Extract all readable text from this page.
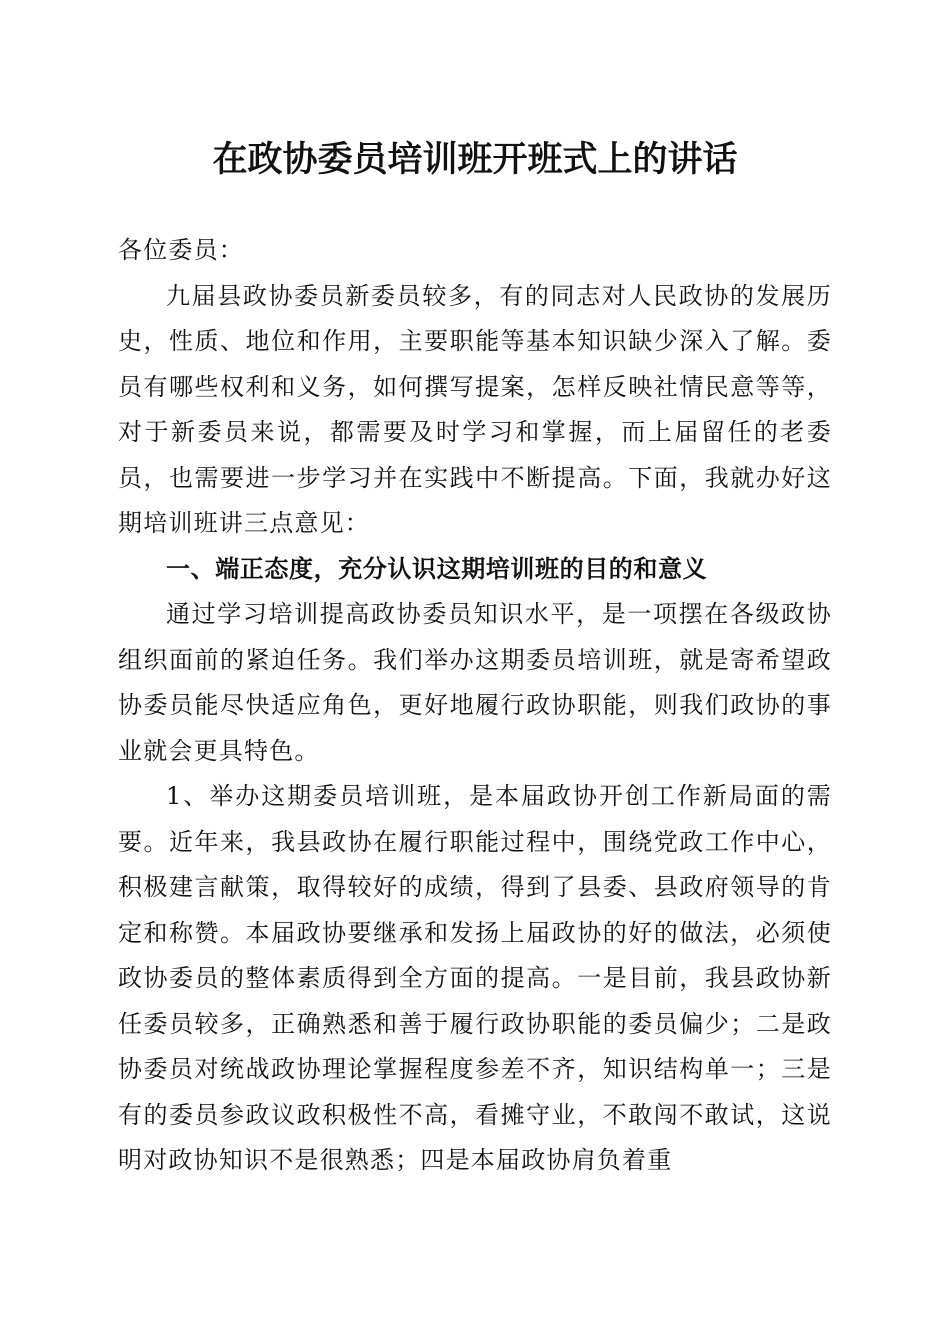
在政协委员培训班开班式上的讲话

各位委员：

九届县政协委员新委员较多，有的同志对人民政协的发展历史，性质、地位和作用，主要职能等基本知识缺少深入了解。委员有哪些权利和义务，如何撰写提案，怎样反映社情民意等等，对于新委员来说，都需要及时学习和掌握，而上届留任的老委员，也需要进一步学习并在实践中不断提高。下面，我就办好这期培训班讲三点意见：

一、端正态度，充分认识这期培训班的目的和意义

通过学习培训提高政协委员知识水平，是一项摆在各级政协组织面前的紧迫任务。我们举办这期委员培训班，就是寄希望政协委员能尽快适应角色，更好地履行政协职能，则我们政协的事业就会更具特色。

1、举办这期委员培训班，是本届政协开创工作新局面的需要。近年来，我县政协在履行职能过程中，围绕党政工作中心，积极建言献策，取得较好的成绩，得到了县委、县政府领导的肯定和称赞。本届政协要继承和发扬上届政协的好的做法，必须使政协委员的整体素质得到全方面的提高。一是目前，我县政协新任委员较多，正确熟悉和善于履行政协职能的委员偏少；二是政协委员对统战政协理论掌握程度参差不齐，知识结构单一；三是有的委员参政议政积极性不高，看摊守业，不敢闯不敢试，这说明对政协知识不是很熟悉；四是本届政协肩负着重
